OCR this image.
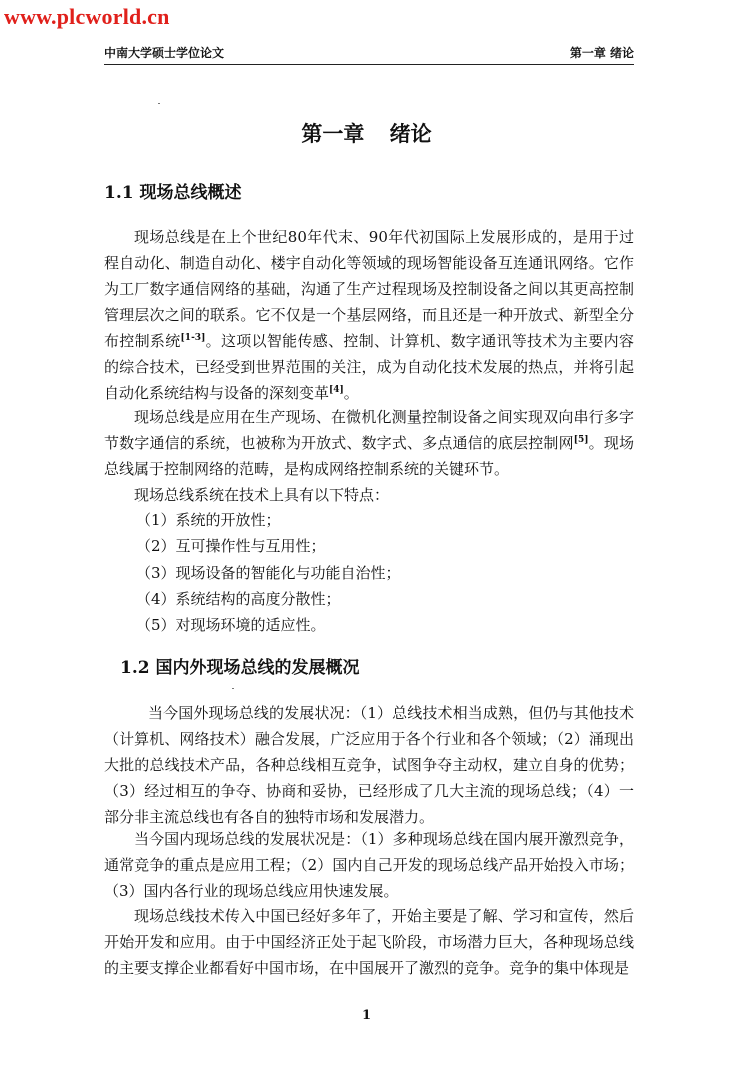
www.plcworld.cn
中南大学硕士学位论文	第一章 绪论
第一章 绪论
1.1 现场总线概述
现场总线是在上个世纪80年代末、90年代初国际上发展形成的，是用于过程自动化、制造自动化、楼宇自动化等领域的现场智能设备互连通讯网络。它作为工厂数字通信网络的基础，沟通了生产过程现场及控制设备之间以其更高控制管理层次之间的联系。它不仅是一个基层网络，而且还是一种开放式、新型全分布控制系统[1-3]。这项以智能传感、控制、计算机、数字通讯等技术为主要内容的综合技术，已经受到世界范围的关注，成为自动化技术发展的热点，并将引起自动化系统结构与设备的深刻变革[4]。
现场总线是应用在生产现场、在微机化测量控制设备之间实现双向串行多字节数字通信的系统，也被称为开放式、数字式、多点通信的底层控制网[5]。现场总线属于控制网络的范畴，是构成网络控制系统的关键环节。
现场总线系统在技术上具有以下特点：
（1）系统的开放性；
（2）互可操作性与互用性；
（3）现场设备的智能化与功能自治性；
（4）系统结构的高度分散性；
（5）对现场环境的适应性。
1.2 国内外现场总线的发展概况
当今国外现场总线的发展状况：（1）总线技术相当成熟，但仍与其他技术（计算机、网络技术）融合发展，广泛应用于各个行业和各个领域；（2）涌现出大批的总线技术产品，各种总线相互竞争，试图争夺主动权，建立自身的优势；（3）经过相互的争夺、协商和妥协，已经形成了几大主流的现场总线；（4）一部分非主流总线也有各自的独特市场和发展潜力。
当今国内现场总线的发展状况是：（1）多种现场总线在国内展开激烈竞争，通常竞争的重点是应用工程；（2）国内自己开发的现场总线产品开始投入市场；（3）国内各行业的现场总线应用快速发展。
现场总线技术传入中国已经好多年了，开始主要是了解、学习和宣传，然后开始开发和应用。由于中国经济正处于起飞阶段，市场潜力巨大，各种现场总线的主要支撑企业都看好中国市场，在中国展开了激烈的竞争。竞争的集中体现是
1
